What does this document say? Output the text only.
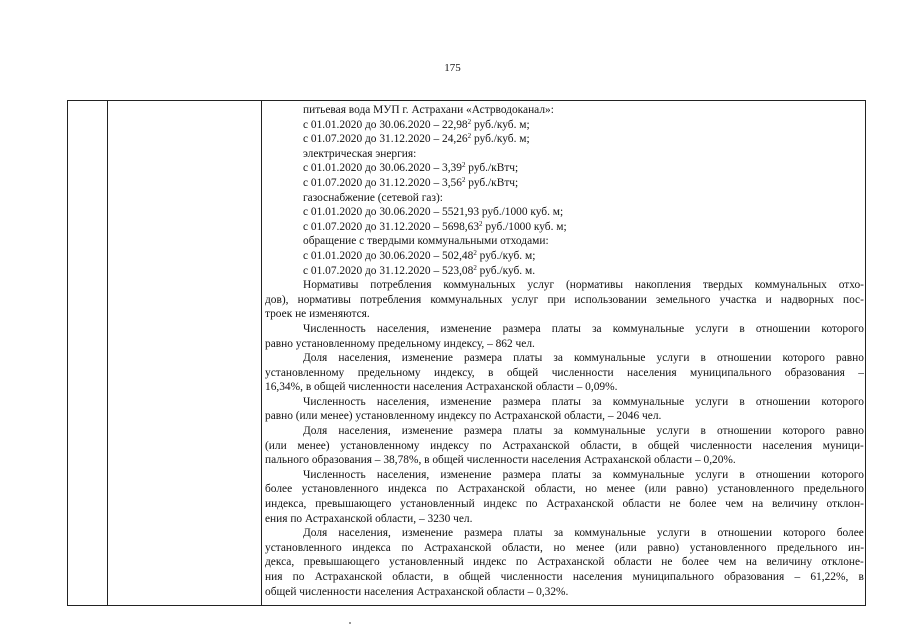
175
питьевая вода МУП г. Астрахани «Астрводоканал»:
с 01.01.2020 до 30.06.2020 – 22,98$^2$ руб./куб. м;
с 01.07.2020 до 31.12.2020 – 24,26$^2$ руб./куб. м;
электрическая энергия:
с 01.01.2020 до 30.06.2020 – 3,39$^2$ руб./кВтч;
с 01.07.2020 до 31.12.2020 – 3,56$^2$ руб./кВтч;
газоснабжение (сетевой газ):
с 01.01.2020 до 30.06.2020 – 5521,93 руб./1000 куб. м;
с 01.07.2020 до 31.12.2020 – 5698,63$^2$ руб./1000 куб. м;
обращение с твердыми коммунальными отходами:
с 01.01.2020 до 30.06.2020 – 502,48$^2$ руб./куб. м;
с 01.07.2020 до 31.12.2020 – 523,08$^2$ руб./куб. м.
Нормативы потребления коммунальных услуг (нормативы накопления твердых коммунальных отхо-
дов), нормативы потребления коммунальных услуг при использовании земельного участка и надворных пос-
троек не изменяются.
Численность населения, изменение размера платы за коммунальные услуги в отношении которого
равно установленному предельному индексу, – 862 чел.
Доля населения, изменение размера платы за коммунальные услуги в отношении которого равно
установленному предельному индексу, в общей численности населения муниципального образования –
16,34%, в общей численности населения Астраханской области – 0,09%.
Численность населения, изменение размера платы за коммунальные услуги в отношении которого
равно (или менее) установленному индексу по Астраханской области, – 2046 чел.
Доля населения, изменение размера платы за коммунальные услуги в отношении которого равно
(или менее) установленному индексу по Астраханской области, в общей численности населения муници-
пального образования – 38,78%, в общей численности населения Астраханской области – 0,20%.
Численность населения, изменение размера платы за коммунальные услуги в отношении которого
более установленного индекса по Астраханской области, но менее (или равно) установленного предельного
индекса, превышающего установленный индекс по Астраханской области не более чем на величину отклон-
ения по Астраханской области, – 3230 чел.
Доля населения, изменение размера платы за коммунальные услуги в отношении которого более
установленного индекса по Астраханской области, но менее (или равно) установленного предельного ин-
декса, превышающего установленный индекс по Астраханской области не более чем на величину отклоне-
ния по Астраханской области, в общей численности населения муниципального образования – 61,22%, в
общей численности населения Астраханской области – 0,32%.
